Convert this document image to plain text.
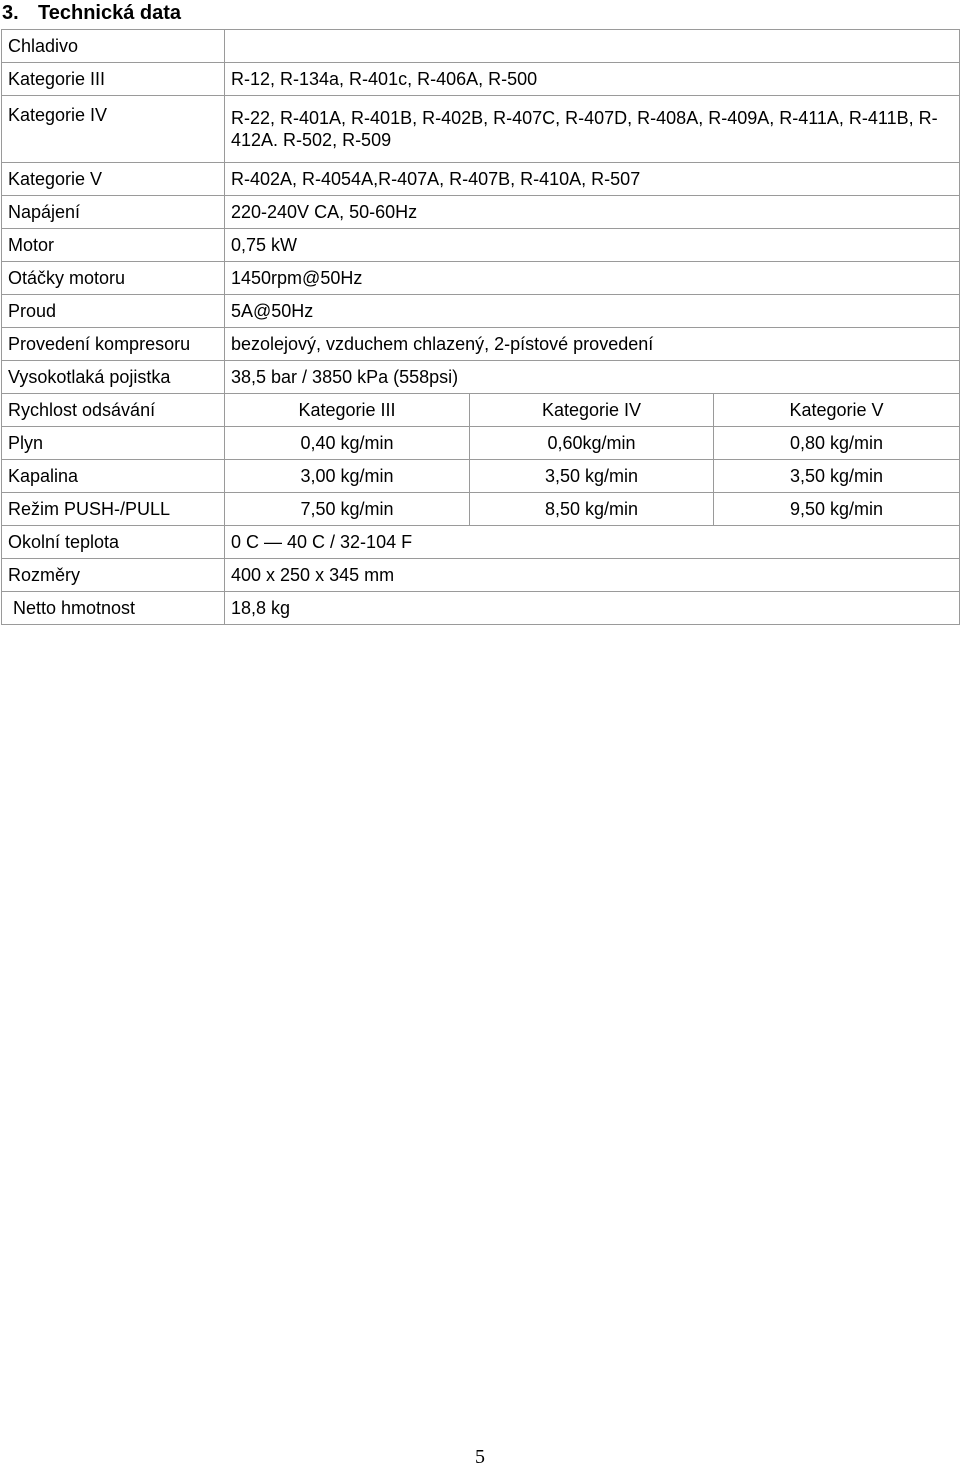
3. Technická data
Chladivo			
Kategorie III	R-12, R-134a, R-401c, R-406A, R-500		
Kategorie IV	R-22, R-401A, R-401B, R-402B, R-407C, R-407D, R-408A, R-409A, R-411A, R-411B, R-412A. R-502, R-509		
Kategorie V	R-402A, R-4054A,R-407A, R-407B, R-410A, R-507		
Napájení	220-240V CA, 50-60Hz		
Motor	0,75 kW		
Otáčky motoru	1450rpm@50Hz		
Proud	5A@50Hz		
Provedení kompresoru	bezolejový, vzduchem chlazený, 2-pístové provedení		
Vysokotlaká pojistka	38,5 bar / 3850 kPa (558psi)		
Rychlost odsávání	Kategorie III	Kategorie IV	Kategorie V
Plyn	0,40 kg/min	0,60kg/min	0,80 kg/min
Kapalina	3,00 kg/min	3,50 kg/min	3,50 kg/min
Režim PUSH-/PULL	7,50 kg/min	8,50 kg/min	9,50 kg/min
Okolní teplota	0 C — 40 C / 32-104 F		
Rozměry	400 x 250 x 345 mm		
Netto hmotnost	18,8 kg		
5
